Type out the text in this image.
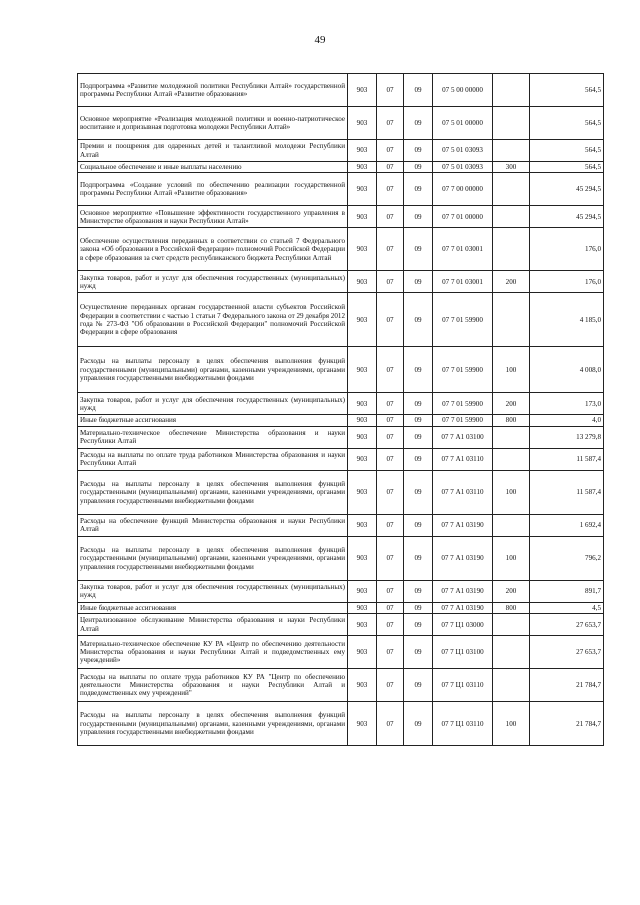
49
Подпрограмма «Развитие молодежной политики Республики Алтай» государственной программы Республики Алтай «Развитие образования»	903	07	09	07 5 00 00000		564,5
Основное мероприятие «Реализация молодежной политики и военно-патриотическое воспитание и допризывная подготовка молодежи Республики Алтай»	903	07	09	07 5 01 00000		564,5
Премии и поощрения для одаренных детей и талантливой молодежи Республики Алтай	903	07	09	07 5 01 03093		564,5
Социальное обеспечение и иные выплаты населению	903	07	09	07 5 01 03093	300	564,5
Подпрограмма «Создание условий по обеспечению реализации государственной программы Республики Алтай «Развитие образования»	903	07	09	07 7 00 00000		45 294,5
Основное мероприятие «Повышение эффективности государственного управления в Министерстве образования и науки Республики Алтай»	903	07	09	07 7 01 00000		45 294,5
Обеспечение осуществления переданных в соответствии со статьей 7 Федерального закона «Об образовании в Российской Федерации» полномочий Российской Федерации в сфере образования за счет средств республиканского бюджета Республики Алтай	903	07	09	07 7 01 03001		176,0
Закупка товаров, работ и услуг для обеспечения государственных (муниципальных) нужд	903	07	09	07 7 01 03001	200	176,0
Осуществление переданных органам государственной власти субъектов Российской Федерации в соответствии с частью 1 статьи 7 Федерального закона от 29 декабря 2012 года № 273-ФЗ "Об образовании в Российской Федерации" полномочий Российской Федерации в сфере образования	903	07	09	07 7 01 59900		4 185,0
Расходы на выплаты персоналу в целях обеспечения выполнения функций государственными (муниципальными) органами, казенными учреждениями, органами управления государственными внебюджетными фондами	903	07	09	07 7 01 59900	100	4 008,0
Закупка товаров, работ и услуг для обеспечения государственных (муниципальных) нужд	903	07	09	07 7 01 59900	200	173,0
Иные бюджетные ассигнования	903	07	09	07 7 01 59900	800	4,0
Материально-техническое обеспечение Министерства образования и науки Республики Алтай	903	07	09	07 7 А1 03100		13 279,8
Расходы на выплаты по оплате труда работников Министерства образования и науки Республики Алтай	903	07	09	07 7 А1 03110		11 587,4
Расходы на выплаты персоналу в целях обеспечения выполнения функций государственными (муниципальными) органами, казенными учреждениями, органами управления государственными внебюджетными фондами	903	07	09	07 7 А1 03110	100	11 587,4
Расходы на обеспечение функций Министерства образования и науки Республики Алтай	903	07	09	07 7 А1 03190		1 692,4
Расходы на выплаты персоналу в целях обеспечения выполнения функций государственными (муниципальными) органами, казенными учреждениями, органами управления государственными внебюджетными фондами	903	07	09	07 7 А1 03190	100	796,2
Закупка товаров, работ и услуг для обеспечения государственных (муниципальных) нужд	903	07	09	07 7 А1 03190	200	891,7
Иные бюджетные ассигнования	903	07	09	07 7 А1 03190	800	4,5
Централизованное обслуживание Министерства образования и науки Республики Алтай	903	07	09	07 7 Ц1 03000		27 653,7
Материально-техническое обеспечение КУ РА «Центр по обеспечению деятельности Министерства образования и науки Республики Алтай и подведомственных ему учреждений»	903	07	09	07 7 Ц1 03100		27 653,7
Расходы на выплаты по оплате труда работников КУ РА "Центр по обеспечению деятельности Министерства образования и науки Республики Алтай и подведомственных ему учреждений"	903	07	09	07 7 Ц1 03110		21 784,7
Расходы на выплаты персоналу в целях обеспечения выполнения функций государственными (муниципальными) органами, казенными учреждениями, органами управления государственными внебюджетными фондами	903	07	09	07 7 Ц1 03110	100	21 784,7
